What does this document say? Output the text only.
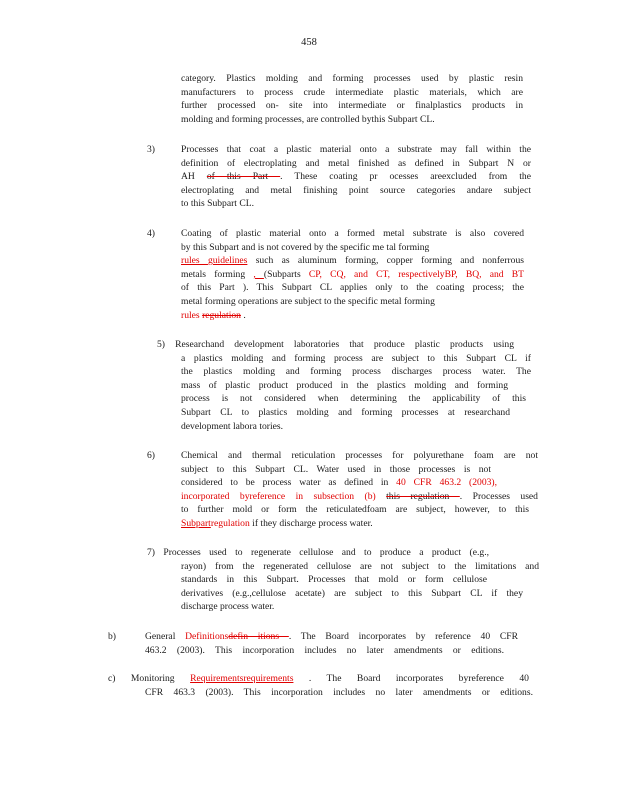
458
category. Plastics molding and forming processes used by plastic resin
manufacturers to process crude intermediate plastic materials, which are
further processed on- site into intermediate or finalplastics products in
molding and forming processes, are controlled bythis Subpart CL.
3)	Processes that coat a plastic material onto a substrate may fall within the
definition of electroplating and metal finished as defined in Subpart N or
AH of this Part . These coating pr ocesses areexcluded from the
electroplating and metal finishing point source categories andare subject
to this Subpart CL.
4)	Coating of plastic material onto a formed metal substrate is also covered
by this Subpart and is not covered by the specific me tal forming
rules guidelines such as aluminum forming, copper forming and nonferrous
metals forming , (Subparts CP, CQ, and CT, respectivelyBP, BQ, and BT
of this Part ). This Subpart CL applies only to the coating process; the
metal forming operations are subject to the specific metal forming
rules regulation .
5) Researchand development laboratories that produce plastic products using
a plastics molding and forming process are subject to this Subpart CL if
the plastics molding and forming process discharges process water. The
mass of plastic product produced in the plastics molding and forming
process is not considered when determining the applicability of this
Subpart CL to plastics molding and forming processes at researchand
development labora tories.
6)	Chemical and thermal reticulation processes for polyurethane foam are not
subject to this Subpart CL. Water used in those processes is not
considered to be process water as defined in 40 CFR 463.2 (2003),
incorporated byreference in subsection (b) this regulation . Processes used
to further mold or form the reticulatedfoam are subject, however, to this
Subpartregulation if they discharge process water.
7) Processes used to regenerate cellulose and to produce a product (e.g.,
rayon) from the regenerated cellulose are not subject to the limitations and
standards in this Subpart. Processes that mold or form cellulose
derivatives (e.g.,cellulose acetate) are subject to this Subpart CL if they
discharge process water.
b)	General Definitionsdefin itions . The Board incorporates by reference 40 CFR
463.2 (2003). This incorporation includes no later amendments or editions.
c) Monitoring Requirementsrequirements . The Board incorporates byreference 40
CFR 463.3 (2003). This incorporation includes no later amendments or editions.
